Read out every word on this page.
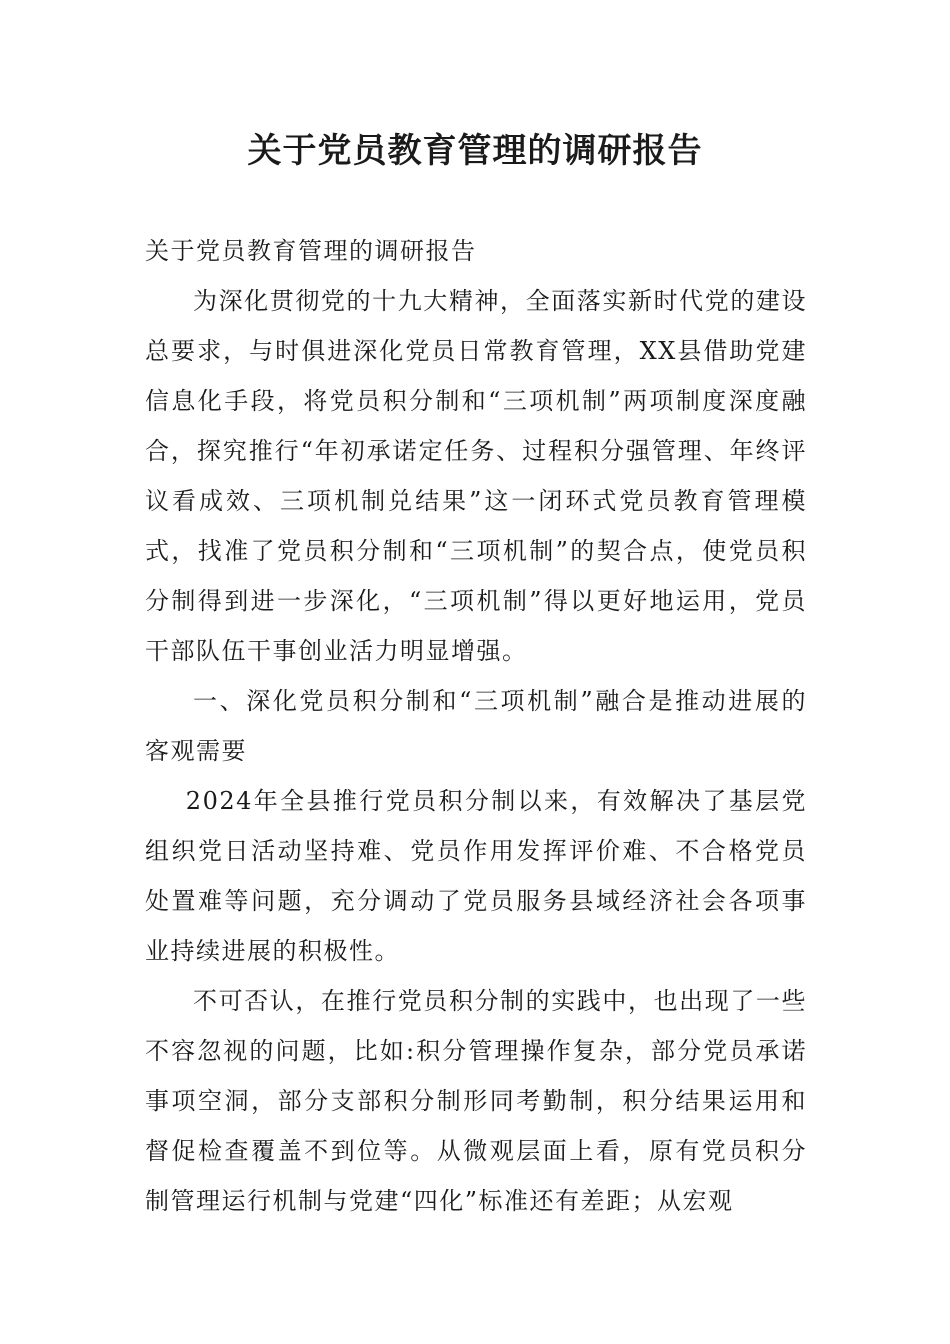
关于党员教育管理的调研报告

关于党员教育管理的调研报告

为深化贯彻党的十九大精神，全面落实新时代党的建设总要求，与时俱进深化党员日常教育管理，XX县借助党建信息化手段，将党员积分制和“三项机制”两项制度深度融合，探究推行“年初承诺定任务、过程积分强管理、年终评议看成效、三项机制兑结果”这一闭环式党员教育管理模式，找准了党员积分制和“三项机制”的契合点，使党员积分制得到进一步深化，“三项机制”得以更好地运用，党员干部队伍干事创业活力明显增强。

一、深化党员积分制和“三项机制”融合是推动进展的客观需要

2024年全县推行党员积分制以来，有效解决了基层党组织党日活动坚持难、党员作用发挥评价难、不合格党员处置难等问题，充分调动了党员服务县域经济社会各项事业持续进展的积极性。

不可否认，在推行党员积分制的实践中，也出现了一些不容忽视的问题，比如:积分管理操作复杂，部分党员承诺事项空洞，部分支部积分制形同考勤制，积分结果运用和督促检查覆盖不到位等。从微观层面上看，原有党员积分制管理运行机制与党建“四化”标准还有差距；从宏观
